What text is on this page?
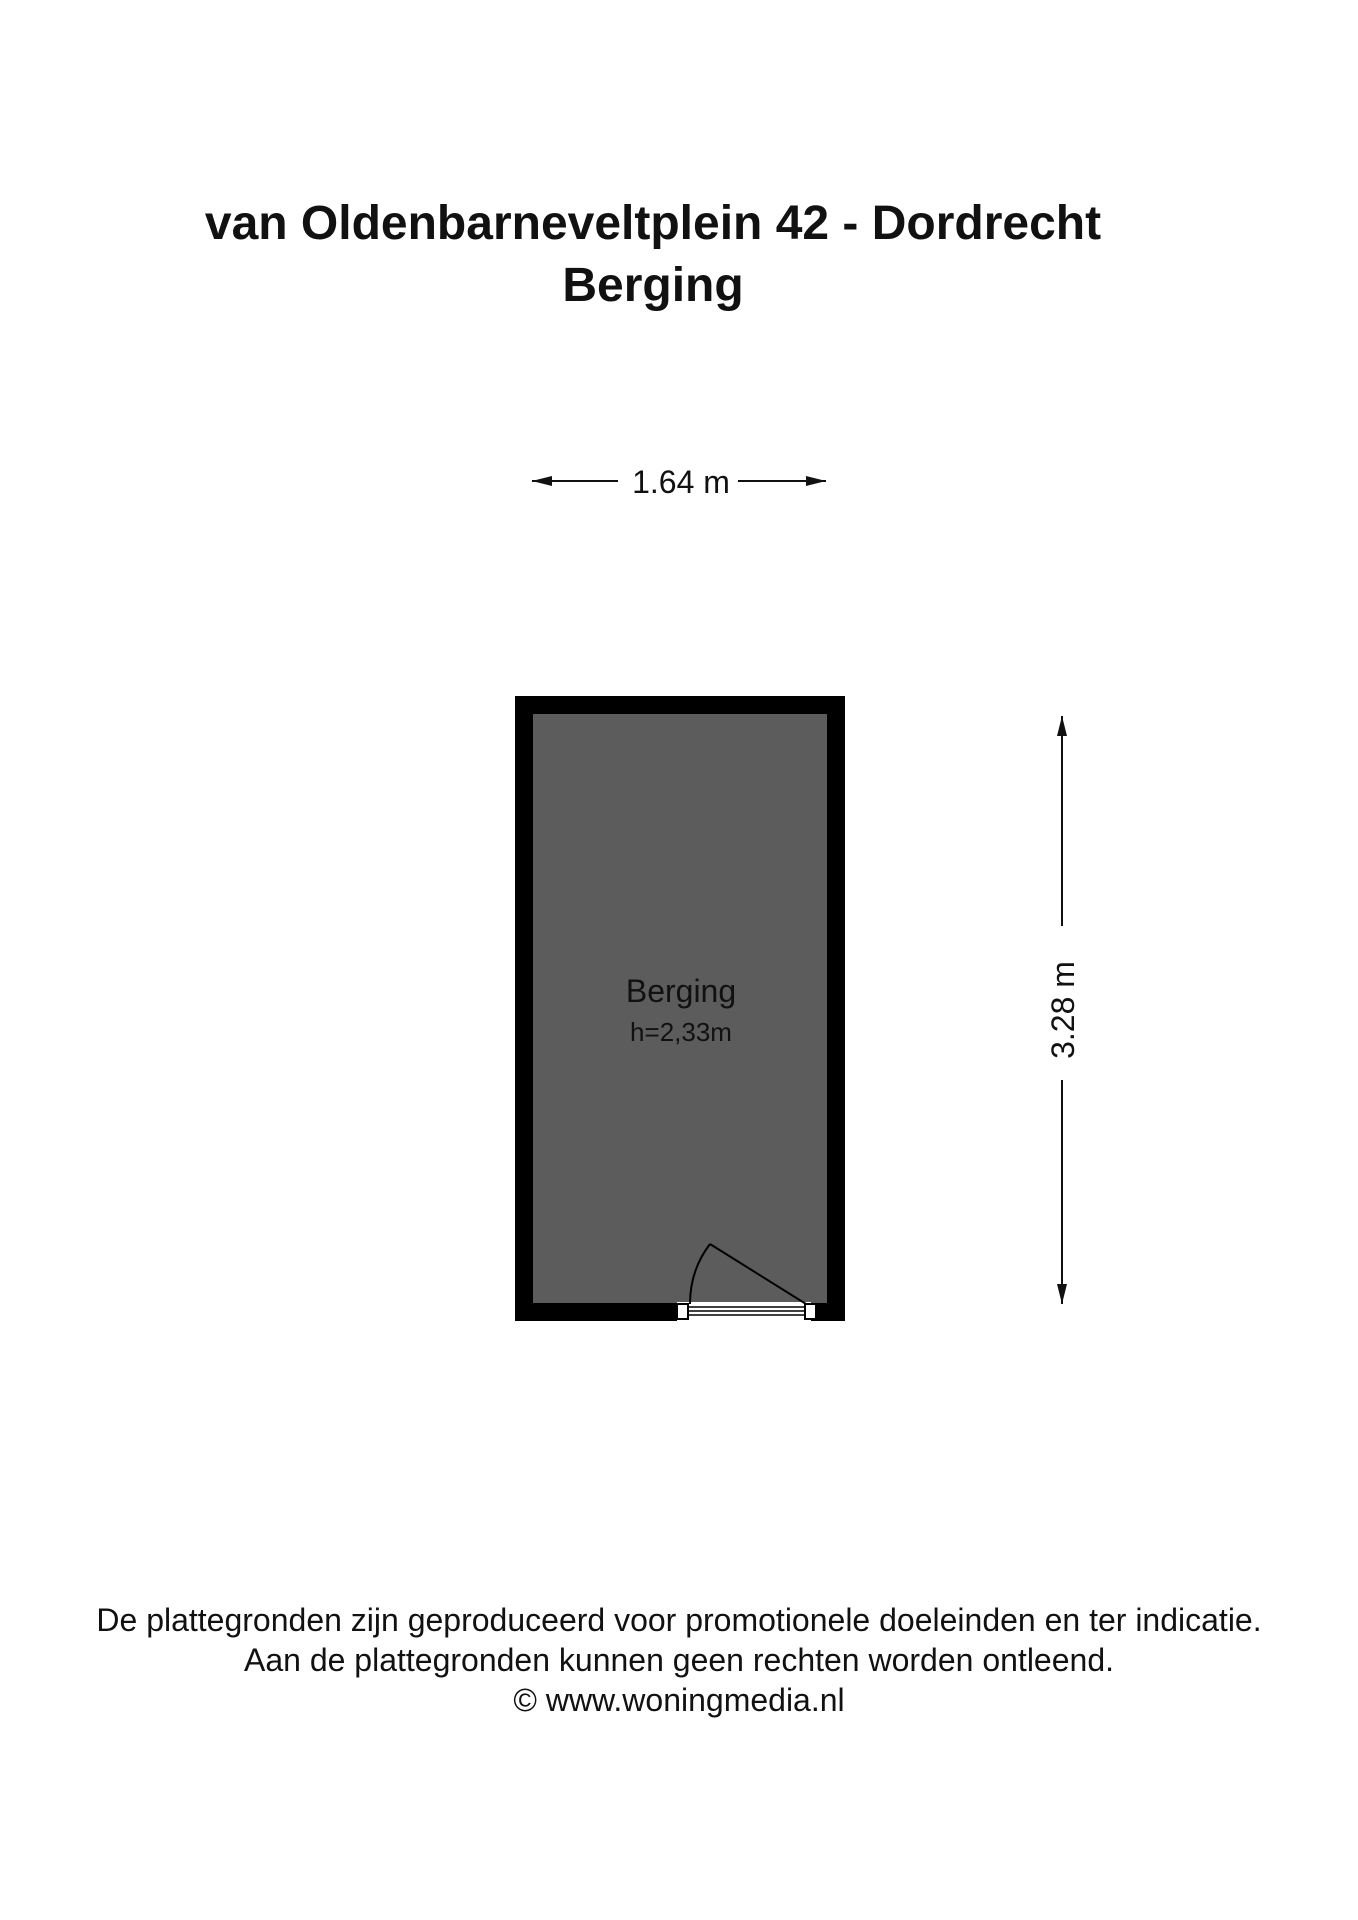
van Oldenbarneveltplein 42 - Dordrecht
Berging
1.64 m
Berging
h=2,33m	3.28 m
De plattegronden zijn geproduceerd voor promotionele doeleinden en ter indicatie.
Aan de plattegronden kunnen geen rechten worden ontleend.
© www.woningmedia.nl
